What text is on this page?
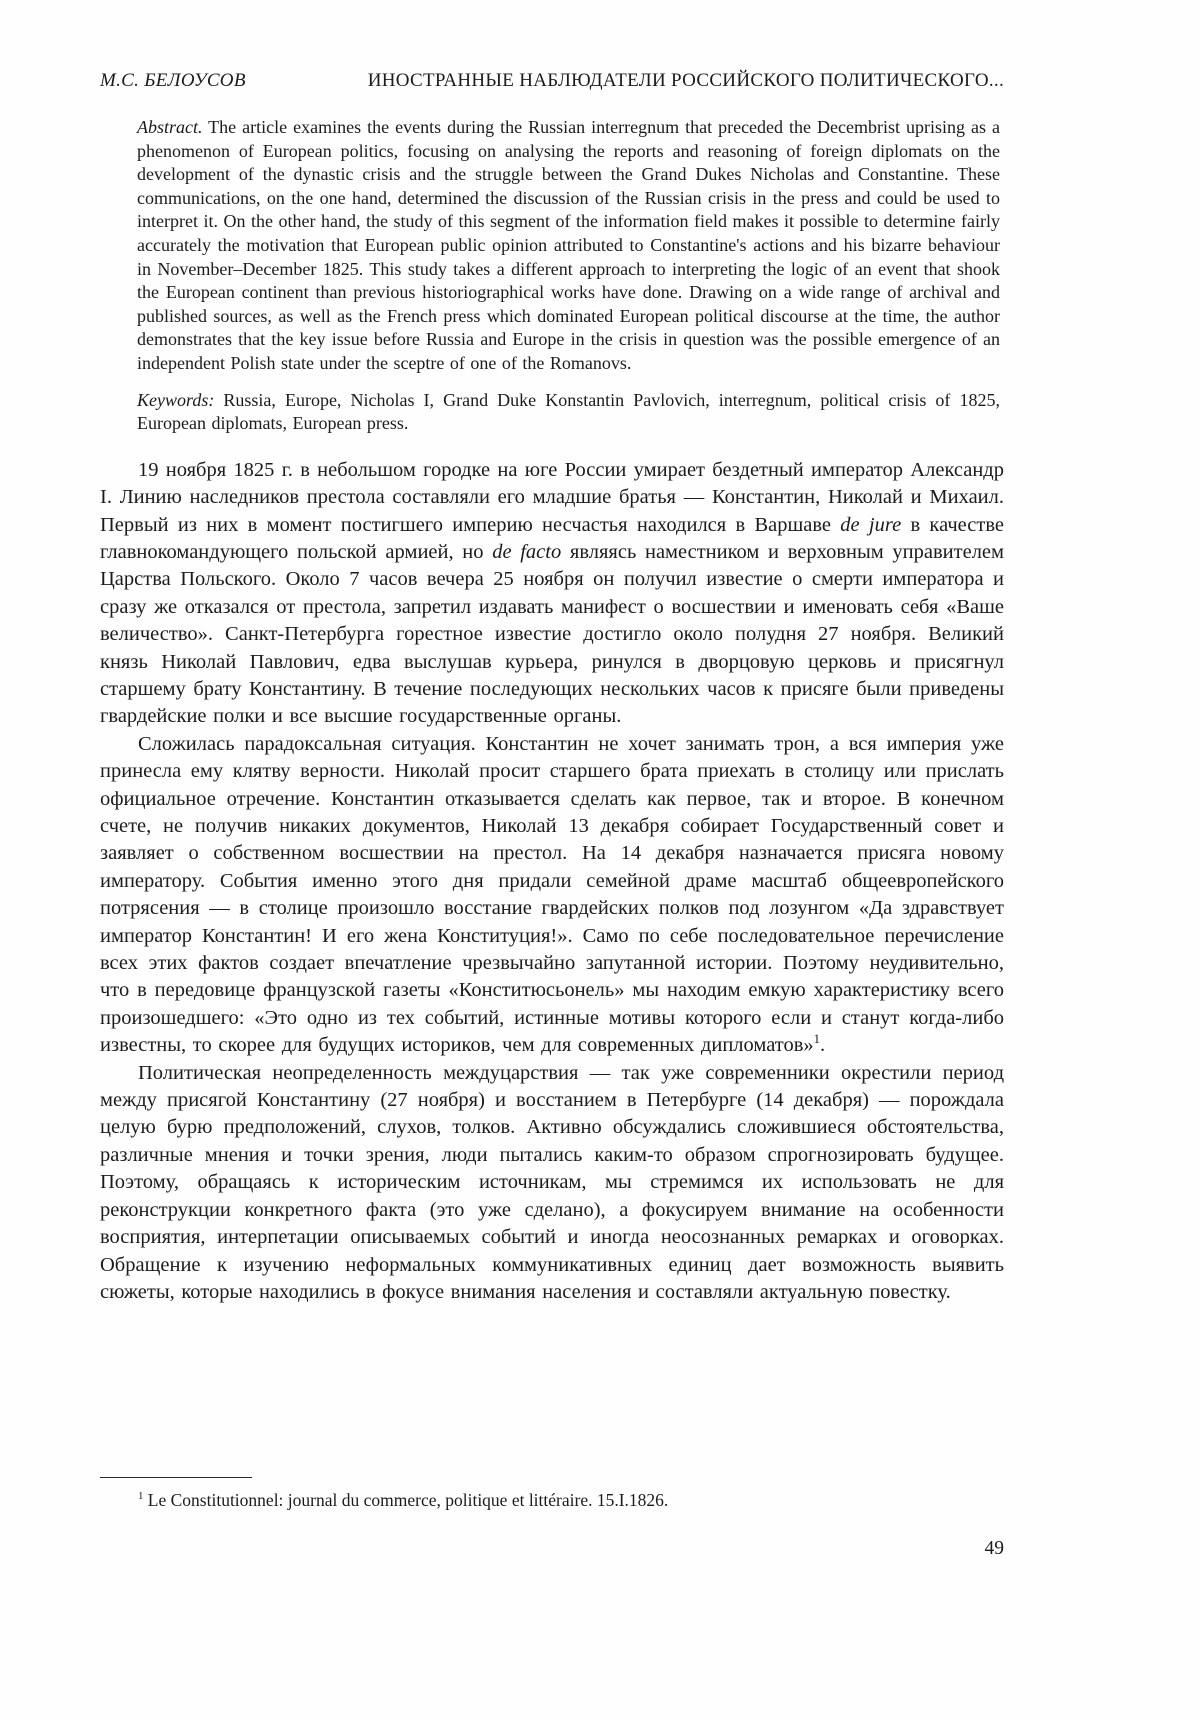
М.С. БЕЛОУСОВ	ИНОСТРАННЫЕ НАБЛЮДАТЕЛИ РОССИЙСКОГО ПОЛИТИЧЕСКОГО...

Abstract. The article examines the events during the Russian interregnum that preceded the Decembrist uprising as a phenomenon of European politics, focusing on analysing the reports and reasoning of foreign diplomats on the development of the dynastic crisis and the struggle between the Grand Dukes Nicholas and Constantine. These communications, on the one hand, determined the discussion of the Russian crisis in the press and could be used to interpret it. On the other hand, the study of this segment of the information field makes it possible to determine fairly accurately the motivation that European public opinion attributed to Constantine's actions and his bizarre behaviour in November–December 1825. This study takes a different approach to interpreting the logic of an event that shook the European continent than previous historiographical works have done. Drawing on a wide range of archival and published sources, as well as the French press which dominated European political discourse at the time, the author demonstrates that the key issue before Russia and Europe in the crisis in question was the possible emergence of an independent Polish state under the sceptre of one of the Romanovs.

Keywords: Russia, Europe, Nicholas I, Grand Duke Konstantin Pavlovich, interregnum, political crisis of 1825, European diplomats, European press.

19 ноября 1825 г. в небольшом городке на юге России умирает бездетный император Александр I. Линию наследников престола составляли его младшие братья — Константин, Николай и Михаил. Первый из них в момент постигшего империю несчастья находился в Варшаве de jure в качестве главнокомандующего польской армией, но de facto являясь наместником и верховным управителем Царства Польского. Около 7 часов вечера 25 ноября он получил известие о смерти императора и сразу же отказался от престола, запретил издавать манифест о восшествии и именовать себя «Ваше величество». Санкт-Петербурга горестное известие достигло около полудня 27 ноября. Великий князь Николай Павлович, едва выслушав курьера, ринулся в дворцовую церковь и присягнул старшему брату Константину. В течение последующих нескольких часов к присяге были приведены гвардейские полки и все высшие государственные органы.

Сложилась парадоксальная ситуация. Константин не хочет занимать трон, а вся империя уже принесла ему клятву верности. Николай просит старшего брата приехать в столицу или прислать официальное отречение. Константин отказывается сделать как первое, так и второе. В конечном счете, не получив никаких документов, Николай 13 декабря собирает Государственный совет и заявляет о собственном восшествии на престол. На 14 декабря назначается присяга новому императору. События именно этого дня придали семейной драме масштаб общеевропейского потрясения — в столице произошло восстание гвардейских полков под лозунгом «Да здравствует император Константин! И его жена Конституция!». Само по себе последовательное перечисление всех этих фактов создает впечатление чрезвычайно запутанной истории. Поэтому неудивительно, что в передовице французской газеты «Конститюсьонель» мы находим емкую характеристику всего произошедшего: «Это одно из тех событий, истинные мотивы которого если и станут когда-либо известны, то скорее для будущих историков, чем для современных дипломатов»$^1$.

Политическая неопределенность междуцарствия — так уже современники окрестили период между присягой Константину (27 ноября) и восстанием в Петербурге (14 декабря) — порождала целую бурю предположений, слухов, толков. Активно обсуждались сложившиеся обстоятельства, различные мнения и точки зрения, люди пытались каким-то образом спрогнозировать будущее. Поэтому, обращаясь к историческим источникам, мы стремимся их использовать не для реконструкции конкретного факта (это уже сделано), а фокусируем внимание на особенности восприятия, интерпетации описываемых событий и иногда неосознанных ремарках и оговорках. Обращение к изучению неформальных коммуникативных единиц дает возможность выявить сюжеты, которые находились в фокусе внимания населения и составляли актуальную повестку.

$^1$ Le Constitutionnel: journal du commerce, politique et littéraire. 15.I.1826.

49
